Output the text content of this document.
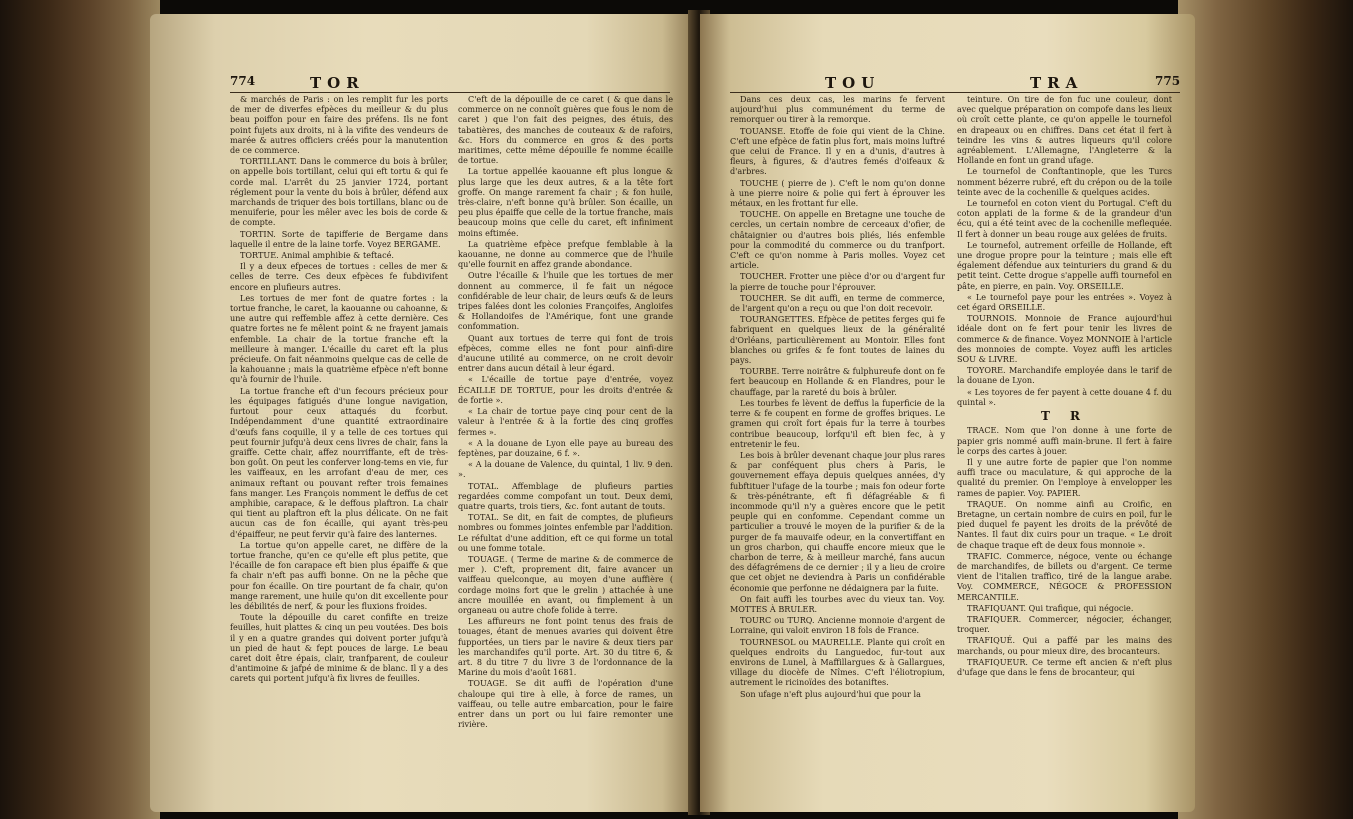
774	TOR

& marchés de Paris : on les remplit fur les ports de mer de diverfes efpèces du meilleur & du plus beau poiffon pour en faire des préfens. Ils ne font point fujets aux droits, ni à la vifite des vendeurs de marée & autres officiers créés pour la manutention de ce commerce.

TORTILLANT. Dans le commerce du bois à brûler, on appelle bois tortillant, celui qui eft tortu & qui fe corde mal. L'arrêt du 25 janvier 1724, portant réglement pour la vente du bois à brûler, défend aux marchands de triquer des bois tortillans, blanc ou de menuiferie, pour les mêler avec les bois de corde & de compte.

TORTIN. Sorte de tapifferie de Bergame dans laquelle il entre de la laine torfe. Voyez BERGAME.

TORTUE. Animal amphibie & teftacé.

Il y a deux efpeces de tortues : celles de mer & celles de terre. Ces deux efpèces fe fubdivifent encore en plufieurs autres.

Les tortues de mer font de quatre fortes : la tortue franche, le caret, la kaouanne ou cahoanne, & une autre qui reffemble affez à cette dernière. Ces quatre fortes ne fe mêlent point & ne frayent jamais enfemble. La chair de la tortue franche eft la meilleure à manger. L'écaille du caret eft la plus précieufe. On fait néanmoins quelque cas de celle de la kahouanne ; mais la quatrième efpèce n'eft bonne qu'à fournir de l'huile.

La tortue franche eft d'un fecours précieux pour les équipages fatigués d'une longue navigation, furtout pour ceux attaqués du fcorbut. Indépendamment d'une quantité extraordinaire d'œufs fans coquille, il y a telle de ces tortues qui peut fournir jufqu'à deux cens livres de chair, fans la graiffe. Cette chair, affez nourriffante, eft de très-bon goût. On peut les conferver long-tems en vie, fur les vaiffeaux, en les arrofant d'eau de mer, ces animaux reftant ou pouvant refter trois femaines fans manger. Les François nomment le deffus de cet amphibie, carapace, & le deffous plaftron. La chair qui tient au plaftron eft la plus délicate. On ne fait aucun cas de fon écaille, qui ayant très-peu d'épaiffeur, ne peut fervir qu'à faire des lanternes.

La tortue qu'on appelle caret, ne diffère de la tortue franche, qu'en ce qu'elle eft plus petite, que l'écaille de fon carapace eft bien plus épaiffe & que fa chair n'eft pas auffi bonne. On ne la pêche que pour fon écaille. On tire pourtant de fa chair, qu'on mange rarement, une huile qu'on dit excellente pour les débilités de nerf, & pour les fluxions froides.

Toute la dépouille du caret confifte en treize feuilles, huit plattes & cinq un peu voutées. Des bois il y en a quatre grandes qui doivent porter jufqu'à un pied de haut & fept pouces de large. Le beau caret doit être épais, clair, tranfparent, de couleur d'antimoine & jafpé de minime & de blanc. Il y a des carets qui portent jufqu'à fix livres de feuilles.

C'eft de la dépouille de ce caret ( & que dans le commerce on ne connoît guères que fous le nom de caret ) que l'on fait des peignes, des étuis, des tabatières, des manches de couteaux & de rafoirs, &c. Hors du commerce en gros & des ports maritimes, cette même dépouille fe nomme écaille de tortue.

La tortue appellée kaouanne eft plus longue & plus large que les deux autres, & a la tête fort groffe. On mange rarement fa chair ; & fon huile, très-claire, n'eft bonne qu'à brûler. Son écaille, un peu plus épaiffe que celle de la tortue franche, mais beaucoup moins que celle du caret, eft infiniment moins eftimée.

La quatrième efpèce prefque femblable à la kaouanne, ne donne au commerce que de l'huile qu'elle fournit en affez grande abondance.

Outre l'écaille & l'huile que les tortues de mer donnent au commerce, il fe fait un négoce confidérable de leur chair, de leurs œufs & de leurs tripes falées dont les colonies Françoifes, Angloifes & Hollandoifes de l'Amérique, font une grande confommation.

Quant aux tortues de terre qui font de trois efpèces, comme elles ne font pour ainfi-dire d'aucune utilité au commerce, on ne croit devoir entrer dans aucun détail à leur égard.

« L'écaille de tortue paye d'entrée, voyez ÉCAILLE DE TORTUE, pour les droits d'entrée & de fortie ».

« La chair de tortue paye cinq pour cent de la valeur à l'entrée & à la fortie des cinq groffes fermes ».

« A la douane de Lyon elle paye au bureau des feptènes, par douzaine, 6 f. ».

« A la douane de Valence, du quintal, 1 liv. 9 den. ».

TOTAL. Affemblage de plufieurs parties regardées comme compofant un tout. Deux demi, quatre quarts, trois tiers, &c. font autant de touts.

TOTAL. Se dit, en fait de comptes, de plufieurs nombres ou fommes jointes enfemble par l'addition. Le réfultat d'une addition, eft ce qui forme un total ou une fomme totale.

TOUAGE. ( Terme de marine & de commerce de mer ). C'eft, proprement dit, faire avancer un vaiffeau quelconque, au moyen d'une auffière ( cordage moins fort que le grelin ) attachée à une ancre mouillée en avant, ou fimplement à un organeau ou autre chofe folide à terre.

Les affureurs ne font point tenus des frais de touages, étant de menues avaries qui doivent être fupportées, un tiers par le navire & deux tiers par les marchandifes qu'il porte. Art. 30 du titre 6, & art. 8 du titre 7 du livre 3 de l'ordonnance de la Marine du mois d'août 1681.

TOUAGE. Se dit auffi de l'opération d'une chaloupe qui tire à elle, à force de rames, un vaiffeau, ou telle autre embarcation, pour le faire entrer dans un port ou lui faire remonter une rivière.

TOU	TRA	775

Dans ces deux cas, les marins fe fervent aujourd'hui plus communément du terme de remorquer ou tirer à la remorque.

TOUANSE. Etoffe de foie qui vient de la Chine. C'eft une efpèce de fatin plus fort, mais moins luftré que celui de France. Il y en a d'unis, d'autres à fleurs, à figures, & d'autres femés d'oifeaux & d'arbres.

TOUCHE ( pierre de ). C'eft le nom qu'on donne à une pierre noire & polie qui fert à éprouver les métaux, en les frottant fur elle.

TOUCHE. On appelle en Bretagne une touche de cercles, un certain nombre de cerceaux d'ofier, de châtaignier ou d'autres bois pliés, liés enfemble pour la commodité du commerce ou du tranfport. C'eft ce qu'on nomme à Paris molles. Voyez cet article.

TOUCHER. Frotter une pièce d'or ou d'argent fur la pierre de touche pour l'éprouver.

TOUCHER. Se dit auffi, en terme de commerce, de l'argent qu'on a reçu ou que l'on doit recevoir.

TOURANGETTES. Efpèce de petites ferges qui fe fabriquent en quelques lieux de la généralité d'Orléans, particulièrement au Montoir. Elles font blanches ou grifes & fe font toutes de laines du pays.

TOURBE. Terre noirâtre & fulphureufe dont on fe fert beaucoup en Hollande & en Flandres, pour le chauffage, par la rareté du bois à brûler.

Les tourbes fe lèvent de deffus la fuperficie de la terre & fe coupent en forme de groffes briques. Le gramen qui croît fort épais fur la terre à tourbes contribue beaucoup, lorfqu'il eft bien fec, à y entretenir le feu.

Les bois à brûler devenant chaque jour plus rares & par conféquent plus chers à Paris, le gouvernement effaya depuis quelques années, d'y fubftituer l'ufage de la tourbe ; mais fon odeur forte & très-pénétrante, eft fi défagréable & fi incommode qu'il n'y a guères encore que le petit peuple qui en confomme. Cependant comme un particulier a trouvé le moyen de la purifier & de la purger de fa mauvaife odeur, en la convertiffant en un gros charbon, qui chauffe encore mieux que le charbon de terre, & à meilleur marché, fans aucun des défagrémens de ce dernier ; il y a lieu de croire que cet objet ne deviendra à Paris un confidérable économie que perfonne ne dédaignera par la fuite.

On fait auffi les tourbes avec du vieux tan. Voy. MOTTES À BRULER.

TOURC ou TURQ. Ancienne monnoie d'argent de Lorraine, qui valoit environ 18 fols de France.

TOURNESOL ou MAURELLE. Plante qui croît en quelques endroits du Languedoc, fur-tout aux environs de Lunel, à Maffillargues & à Gallargues, village du diocèfe de Nîmes. C'eft l'éliotropium, autrement le ricinoïdes des botaniftes.

Son ufage n'eft plus aujourd'hui que pour la

teinture. On tire de fon fuc une couleur, dont avec quelque préparation on compofe dans les lieux où croît cette plante, ce qu'on appelle le tournefol en drapeaux ou en chiffres. Dans cet état il fert à teindre les vins & autres liqueurs qu'il colore agréablement. L'Allemagne, l'Angleterre & la Hollande en font un grand ufage.

Le tournefol de Conftantinople, que les Turcs nomment bézerre rubré, eft du crépon ou de la toile teinte avec de la cochenille & quelques acides.

Le tournefol en coton vient du Portugal. C'eft du coton applati de la forme & de la grandeur d'un écu, qui a été teint avec de la cochenille meflequée. Il fert à donner un beau rouge aux gelées de fruits.

Le tournefol, autrement orfeille de Hollande, eft une drogue propre pour la teinture ; mais elle eft également défendue aux teinturiers du grand & du petit teint. Cette drogue s'appelle auffi tournefol en pâte, en pierre, en pain. Voy. ORSEILLE.

« Le tournefol paye pour les entrées ». Voyez à cet égard ORSEILLE.

TOURNOIS. Monnoie de France aujourd'hui idéale dont on fe fert pour tenir les livres de commerce & de finance. Voyez MONNOIE à l'article des monnoies de compte. Voyez auffi les articles SOU & LIVRE.

TOYORE. Marchandife employée dans le tarif de la douane de Lyon.

« Les toyores de fer payent à cette douane 4 f. du quintal ».

T R

TRACE. Nom que l'on donne à une forte de papier gris nommé auffi main-brune. Il fert à faire le corps des cartes à jouer.

Il y une autre forte de papier que l'on nomme auffi trace ou maculature, & qui approche de la qualité du premier. On l'employe à envelopper les rames de papier. Voy. PAPIER.

TRAQUE. On nomme ainfi au Croific, en Bretagne, un certain nombre de cuirs en poil, fur le pied duquel fe payent les droits de la prévôté de Nantes. Il faut dix cuirs pour un traque. « Le droit de chaque traque eft de deux fous monnoie ».

TRAFIC. Commerce, négoce, vente ou échange de marchandifes, de billets ou d'argent. Ce terme vient de l'italien traffico, tiré de la langue arabe. Voy. COMMERCE, NÉGOCE & PROFESSION MERCANTILE.

TRAFIQUANT. Qui trafique, qui négocie.

TRAFIQUER. Commercer, négocier, échanger, troquer.

TRAFIQUÉ. Qui a paffé par les mains des marchands, ou pour mieux dire, des brocanteurs.

TRAFIQUEUR. Ce terme eft ancien & n'eft plus d'ufage que dans le fens de brocanteur, qui
